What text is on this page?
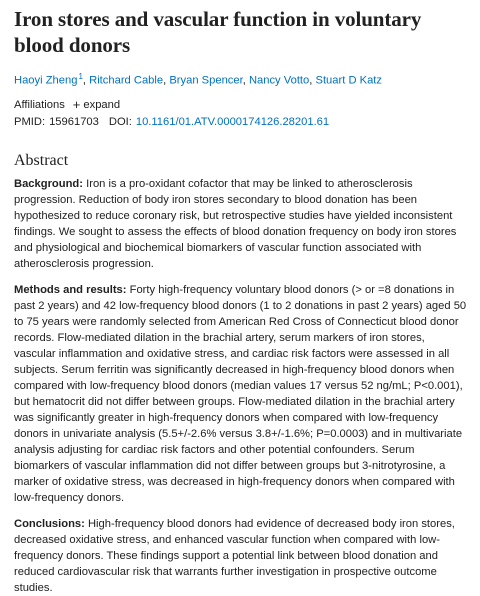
Iron stores and vascular function in voluntary blood donors
Haoyi Zheng$^1$, Ritchard Cable, Bryan Spencer, Nancy Votto, Stuart D Katz
Affiliations + expand
PMID: 15961703 DOI: 10.1161/01.ATV.0000174126.28201.61
Abstract

Background: Iron is a pro-oxidant cofactor that may be linked to atherosclerosis progression. Reduction of body iron stores secondary to blood donation has been hypothesized to reduce coronary risk, but retrospective studies have yielded inconsistent findings. We sought to assess the effects of blood donation frequency on body iron stores and physiological and biochemical biomarkers of vascular function associated with atherosclerosis progression.

Methods and results: Forty high-frequency voluntary blood donors (> or =8 donations in past 2 years) and 42 low-frequency blood donors (1 to 2 donations in past 2 years) aged 50 to 75 years were randomly selected from American Red Cross of Connecticut blood donor records. Flow-mediated dilation in the brachial artery, serum markers of iron stores, vascular inflammation and oxidative stress, and cardiac risk factors were assessed in all subjects. Serum ferritin was significantly decreased in high-frequency blood donors when compared with low-frequency blood donors (median values 17 versus 52 ng/mL; P<0.001), but hematocrit did not differ between groups. Flow-mediated dilation in the brachial artery was significantly greater in high-frequency donors when compared with low-frequency donors in univariate analysis (5.5+/-2.6% versus 3.8+/-1.6%; P=0.0003) and in multivariate analysis adjusting for cardiac risk factors and other potential confounders. Serum biomarkers of vascular inflammation did not differ between groups but 3-nitrotyrosine, a marker of oxidative stress, was decreased in high-frequency donors when compared with low-frequency donors.

Conclusions: High-frequency blood donors had evidence of decreased body iron stores, decreased oxidative stress, and enhanced vascular function when compared with low-frequency donors. These findings support a potential link between blood donation and reduced cardiovascular risk that warrants further investigation in prospective outcome studies.
